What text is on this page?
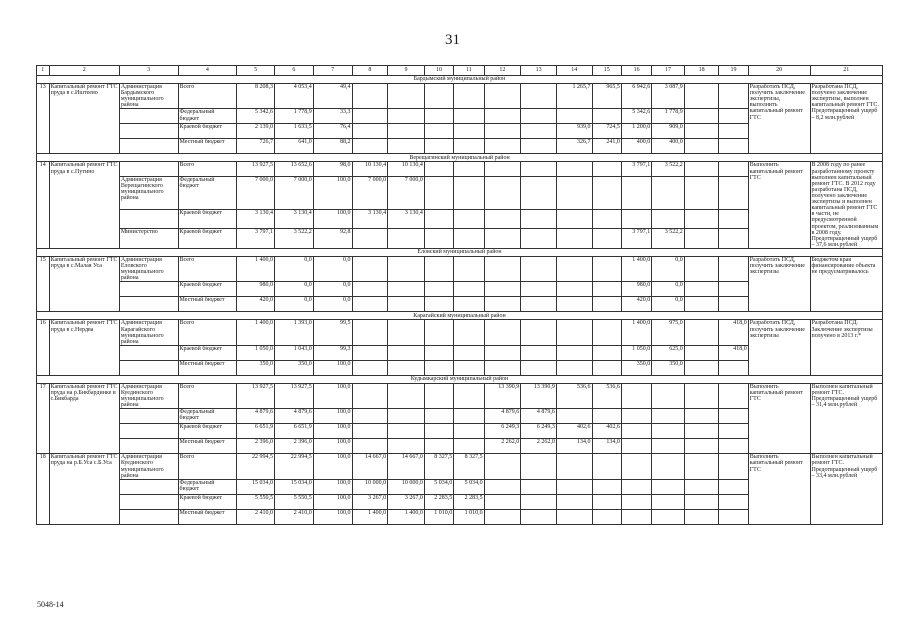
31
1	2	3	4	5	6	7	8	9	10	11	12	13	14	15	16	17	18	19	20	21
Бардымский муниципальный район																				
13	Капитальный ремонт ГТС пруда в с.Иштеево	Администрация Бардымского муниципального района	Всего	8 208,3	4 053,4	49,4							1 265,7	965,5	6 942,6	3 087,9			Разработать ПСД, получить заключение экспертизы, выполнить капитальный ремонт ГТС	Разработана ПСД, получено заключение экспертизы, выполнен капитальный ремонт ГТС. Предотвращенный ущерб – 8,2 млн.рублей
			Федеральный бюджет	5 342,6	1 778,9	33,3									5 342,6	1 778,9				
			Краевой бюджет	2 139,0	1 633,5	76,4							939,0	724,5	1 200,0	909,0				
			Местный бюджет	726,7	641,0	88,2							326,7	241,0	400,0	400,0				
Верещагинский муниципальный район																				
14	Капитальный ремонт ГТС пруда в с.Путино		Всего	13 927,5	13 652,6	98,0	10 130,4	10 130,4							3 797,1	3 522,2			Выполнить капитальный ремонт ГТС	В 2008 году по ранее разработанному проекту выполнен капитальный ремонт ГТС. В 2012 году разработана ПСД, получено заключение экспертизы и выполнен капитальный ремонт ГТС в части, не предусмотренной проектом, реализованным в 2008 году. Предотвращенный ущерб – 37,6 млн.рублей
		Администрация Верещагинского муниципального района	Федеральный бюджет	7 000,0	7 000,0	100,0	7 000,0	7 000,0												
			Краевой бюджет	3 130,4	3 130,4	100,0	3 130,4	3 130,4												
		Министерство	Краевой бюджет	3 797,1	3 522,2	92,8									3 797,1	3 522,2				
Еловский муниципальный район																				
15	Капитальный ремонт ГТС пруда в с.Малая Уса	Администрация Еловского муниципального района	Всего	1 400,0	0,0	0,0									1 400,0	0,0			Разработать ПСД, получить заключение экспертизы	Бюджетом края финансирование объекта не предусматривалось
			Краевой бюджет	980,0	0,0	0,0									980,0	0,0				
			Местный бюджет	420,0	0,0	0,0									420,0	0,0				
Карагайский муниципальный район																				
16	Капитальный ремонт ГТС пруда в с.Нердва	Администрация Карагайского муниципального района	Всего	1 400,0	1 393,0	99,5									1 400,0	975,0		418,0	Разработать ПСД, получить заключение экспертизы	Разработана ПСД. Заключение экспертизы получено в 2013 г.*
			Краевой бюджет	1 050,0	1 043,0	99,3									1 050,0	625,0		418,0		
			Местный бюджет	350,0	350,0	100,0									350,0	350,0				
Кудымкарский муниципальный район																				
17	Капитальный ремонт ГТС пруда на р.Бикбардинке в с.Бикбарда	Администрация Куединского муниципального района	Всего	13 927,5	13 927,5	100,0					13 390,9	13 390,9	536,6	536,6					Выполнить капитальный ремонт ГТС	Выполнен капитальный ремонт ГТС. Предотвращенный ущерб – 31,4 млн.рублей
			Федеральный бюджет	4 879,6	4 879,6	100,0					4 879,6	4 879,6								
			Краевой бюджет	6 651,9	6 651,9	100,0					6 249,3	6 249,3	402,6	402,6						
			Местный бюджет	2 396,0	2 396,0	100,0					2 262,0	2 262,0	134,0	134,0						
18	Капитальный ремонт ГТС пруда на р.Б.Уса с.Б.Уса	Администрация Куединского муниципального района	Всего	22 994,5	22 994,5	100,0	14 667,0	14 667,0	8 327,5	8 327,5									Выполнить капитальный ремонт ГТС	Выполнен капитальный ремонт ГТС. Предотвращенный ущерб – 33,4 млн.рублей
			Федеральный бюджет	15 034,0	15 034,0	100,0	10 000,0	10 000,0	5 034,0	5 034,0										
			Краевой бюджет	5 550,5	5 550,5	100,0	3 267,0	3 267,0	2 283,5	2 283,5										
			Местный бюджет	2 410,0	2 410,0	100,0	1 400,0	1 400,0	1 010,0	1 010,0										
5048-14
